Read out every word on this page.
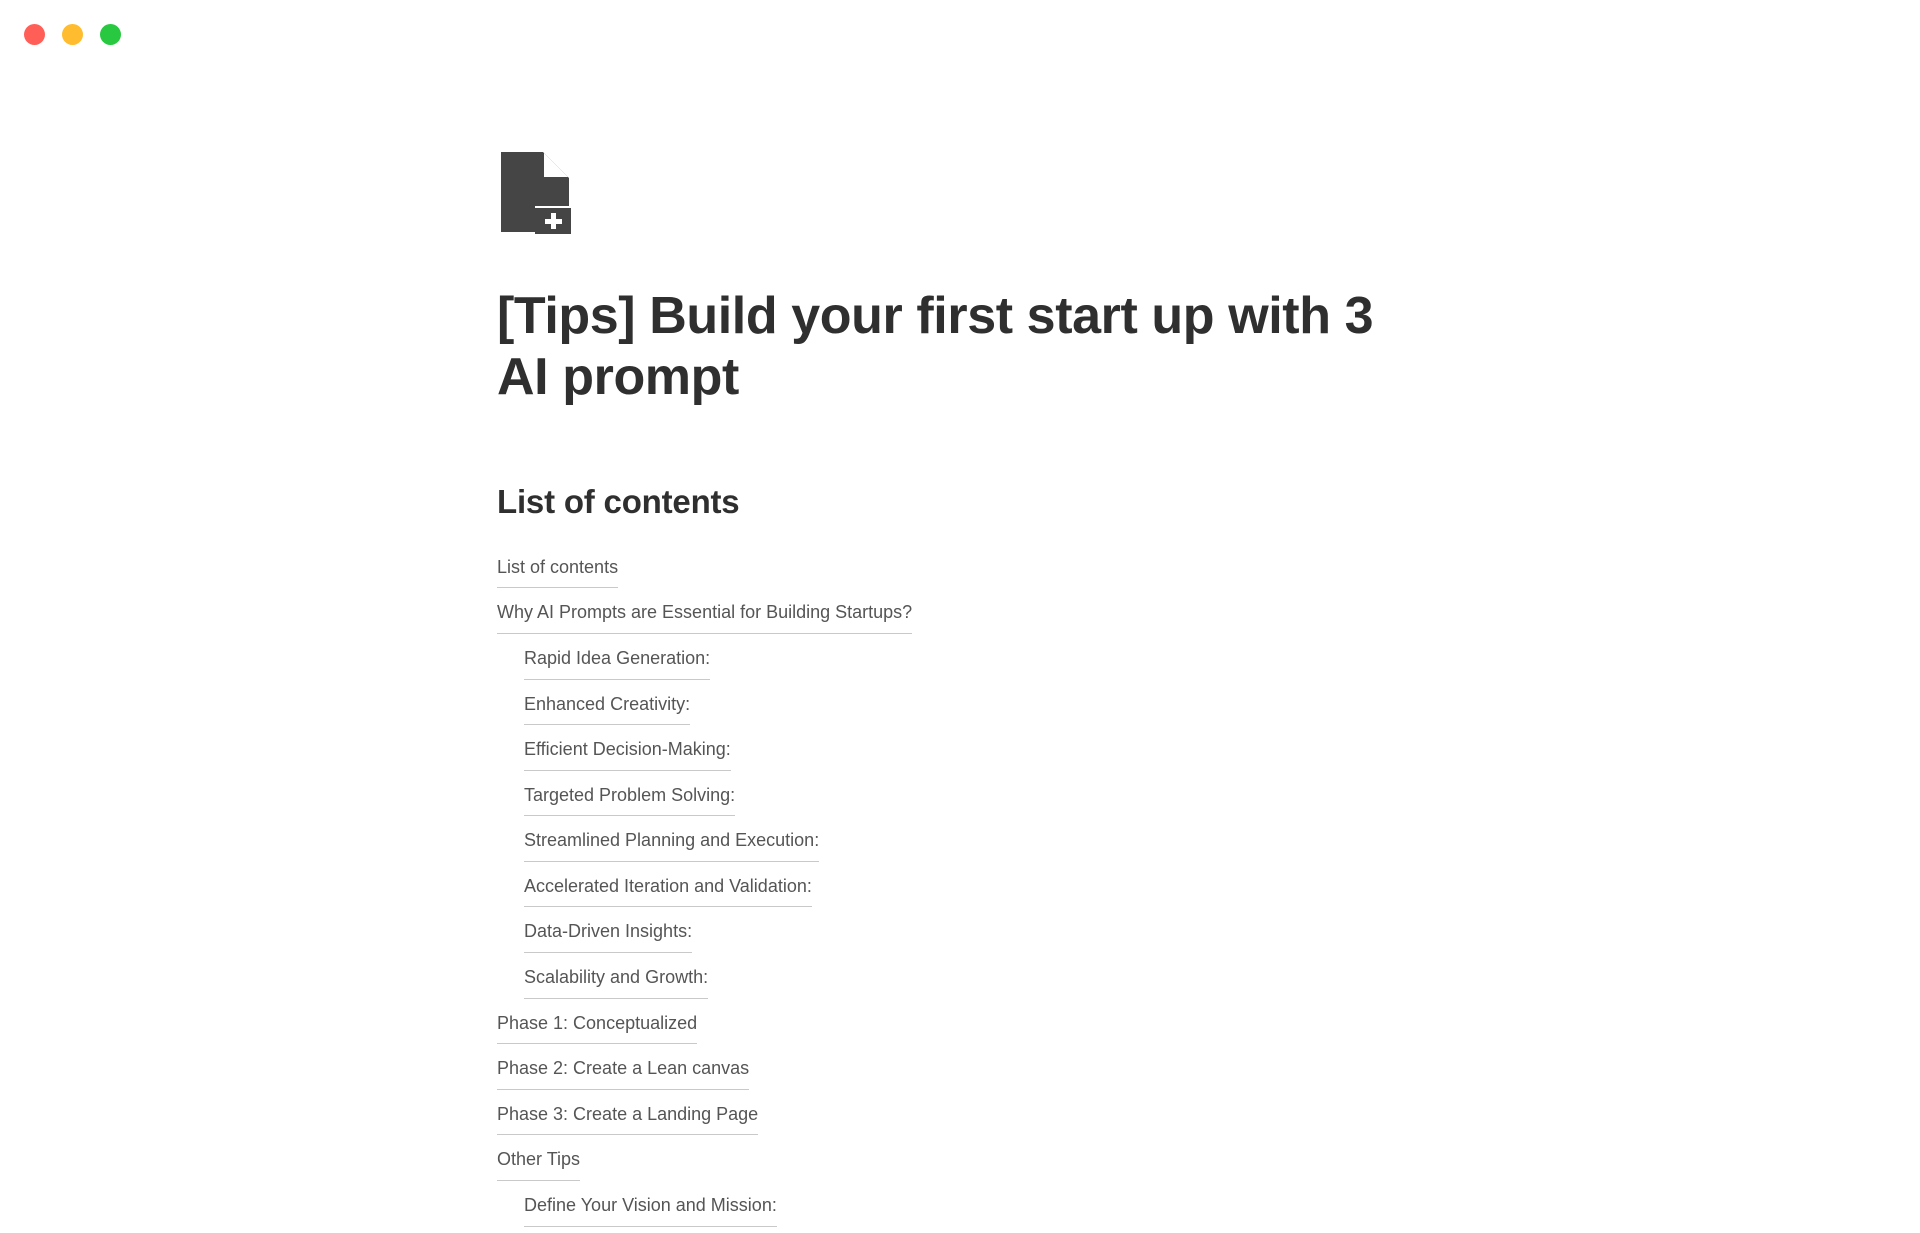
[Tips] Build your first start up with 3 AI prompt
List of contents
List of contents
Why AI Prompts are Essential for Building Startups?
Rapid Idea Generation:
Enhanced Creativity:
Efficient Decision-Making:
Targeted Problem Solving:
Streamlined Planning and Execution:
Accelerated Iteration and Validation:
Data-Driven Insights:
Scalability and Growth:
Phase 1: Conceptualized
Phase 2: Create a Lean canvas
Phase 3: Create a Landing Page
Other Tips
Define Your Vision and Mission:
